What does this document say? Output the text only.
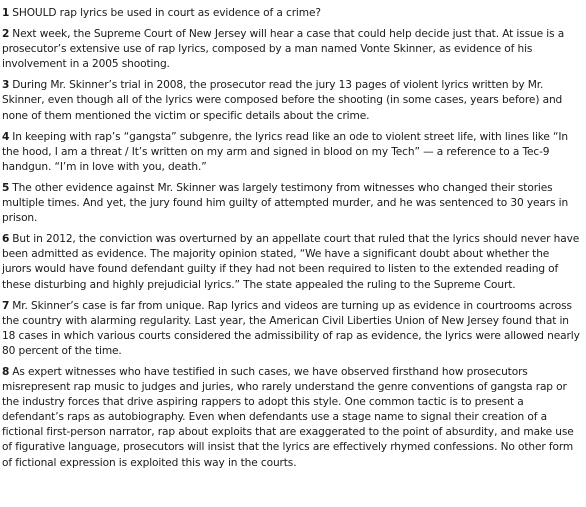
1 SHOULD rap lyrics be used in court as evidence of a crime?

2 Next week, the Supreme Court of New Jersey will hear a case that could help decide just that. At issue is a prosecutor’s extensive use of rap lyrics, composed by a man named Vonte Skinner, as evidence of his involvement in a 2005 shooting.

3 During Mr. Skinner’s trial in 2008, the prosecutor read the jury 13 pages of violent lyrics written by Mr. Skinner, even though all of the lyrics were composed before the shooting (in some cases, years before) and none of them mentioned the victim or specific details about the crime.

4 In keeping with rap’s “gangsta” subgenre, the lyrics read like an ode to violent street life, with lines like “In the hood, I am a threat / It’s written on my arm and signed in blood on my Tech” — a reference to a Tec-9 handgun. “I’m in love with you, death.”

5 The other evidence against Mr. Skinner was largely testimony from witnesses who changed their stories multiple times. And yet, the jury found him guilty of attempted murder, and he was sentenced to 30 years in prison.

6 But in 2012, the conviction was overturned by an appellate court that ruled that the lyrics should never have been admitted as evidence. The majority opinion stated, “We have a significant doubt about whether the jurors would have found defendant guilty if they had not been required to listen to the extended reading of these disturbing and highly prejudicial lyrics.” The state appealed the ruling to the Supreme Court.

7 Mr. Skinner’s case is far from unique. Rap lyrics and videos are turning up as evidence in courtrooms across the country with alarming regularity. Last year, the American Civil Liberties Union of New Jersey found that in 18 cases in which various courts considered the admissibility of rap as evidence, the lyrics were allowed nearly 80 percent of the time.

8 As expert witnesses who have testified in such cases, we have observed firsthand how prosecutors misrepresent rap music to judges and juries, who rarely understand the genre conventions of gangsta rap or the industry forces that drive aspiring rappers to adopt this style. One common tactic is to present a defendant’s raps as autobiography. Even when defendants use a stage name to signal their creation of a fictional first-person narrator, rap about exploits that are exaggerated to the point of absurdity, and make use of figurative language, prosecutors will insist that the lyrics are effectively rhymed confessions. No other form of fictional expression is exploited this way in the courts.
